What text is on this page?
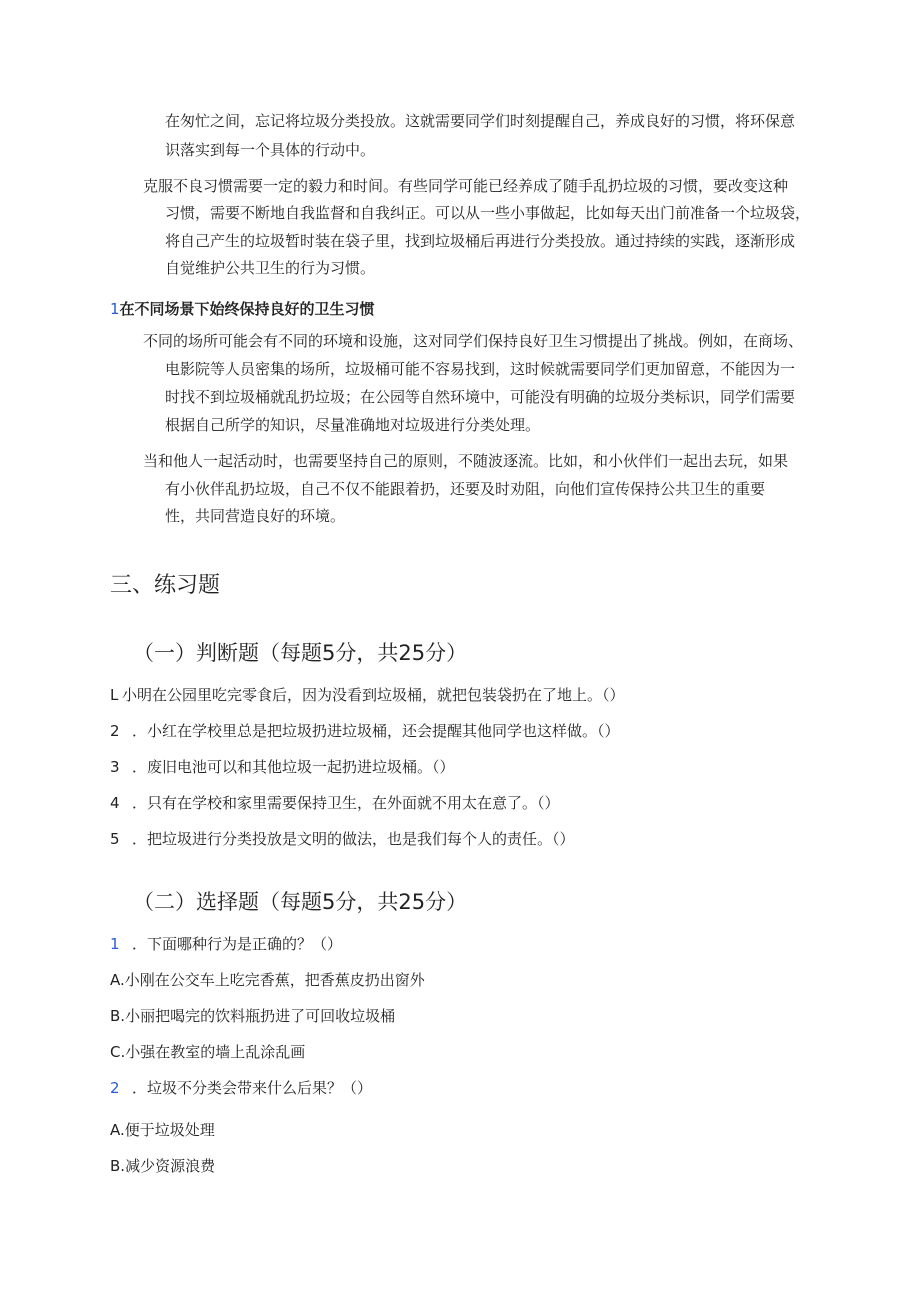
在匆忙之间，忘记将垃圾分类投放。这就需要同学们时刻提醒自己，养成良好的习惯，将环保意
识落实到每一个具体的行动中。
克服不良习惯需要一定的毅力和时间。有些同学可能已经养成了随手乱扔垃圾的习惯，要改变这种
习惯，需要不断地自我监督和自我纠正。可以从一些小事做起，比如每天出门前准备一个垃圾袋，
将自己产生的垃圾暂时装在袋子里，找到垃圾桶后再进行分类投放。通过持续的实践，逐渐形成
自觉维护公共卫生的行为习惯。
1在不同场景下始终保持良好的卫生习惯
不同的场所可能会有不同的环境和设施，这对同学们保持良好卫生习惯提出了挑战。例如，在商场、
电影院等人员密集的场所，垃圾桶可能不容易找到，这时候就需要同学们更加留意，不能因为一
时找不到垃圾桶就乱扔垃圾；在公园等自然环境中，可能没有明确的垃圾分类标识，同学们需要
根据自己所学的知识，尽量准确地对垃圾进行分类处理。
当和他人一起活动时，也需要坚持自己的原则，不随波逐流。比如，和小伙伴们一起出去玩，如果
有小伙伴乱扔垃圾，自己不仅不能跟着扔，还要及时劝阻，向他们宣传保持公共卫生的重要
性，共同营造良好的环境。
三、练习题
（一）判断题（每题5分，共25分）
L 小明在公园里吃完零食后，因为没看到垃圾桶，就把包装袋扔在了地上。（）
2 ．小红在学校里总是把垃圾扔进垃圾桶，还会提醒其他同学也这样做。（）
3 ．废旧电池可以和其他垃圾一起扔进垃圾桶。（）
4 ．只有在学校和家里需要保持卫生，在外面就不用太在意了。（）
5 ．把垃圾进行分类投放是文明的做法，也是我们每个人的责任。（）
（二）选择题（每题5分，共25分）
1 ．下面哪种行为是正确的？（）
A.小刚在公交车上吃完香蕉，把香蕉皮扔出窗外
B.小丽把喝完的饮料瓶扔进了可回收垃圾桶
C.小强在教室的墙上乱涂乱画
2 ．垃圾不分类会带来什么后果？（）
A.便于垃圾处理
B.减少资源浪费
